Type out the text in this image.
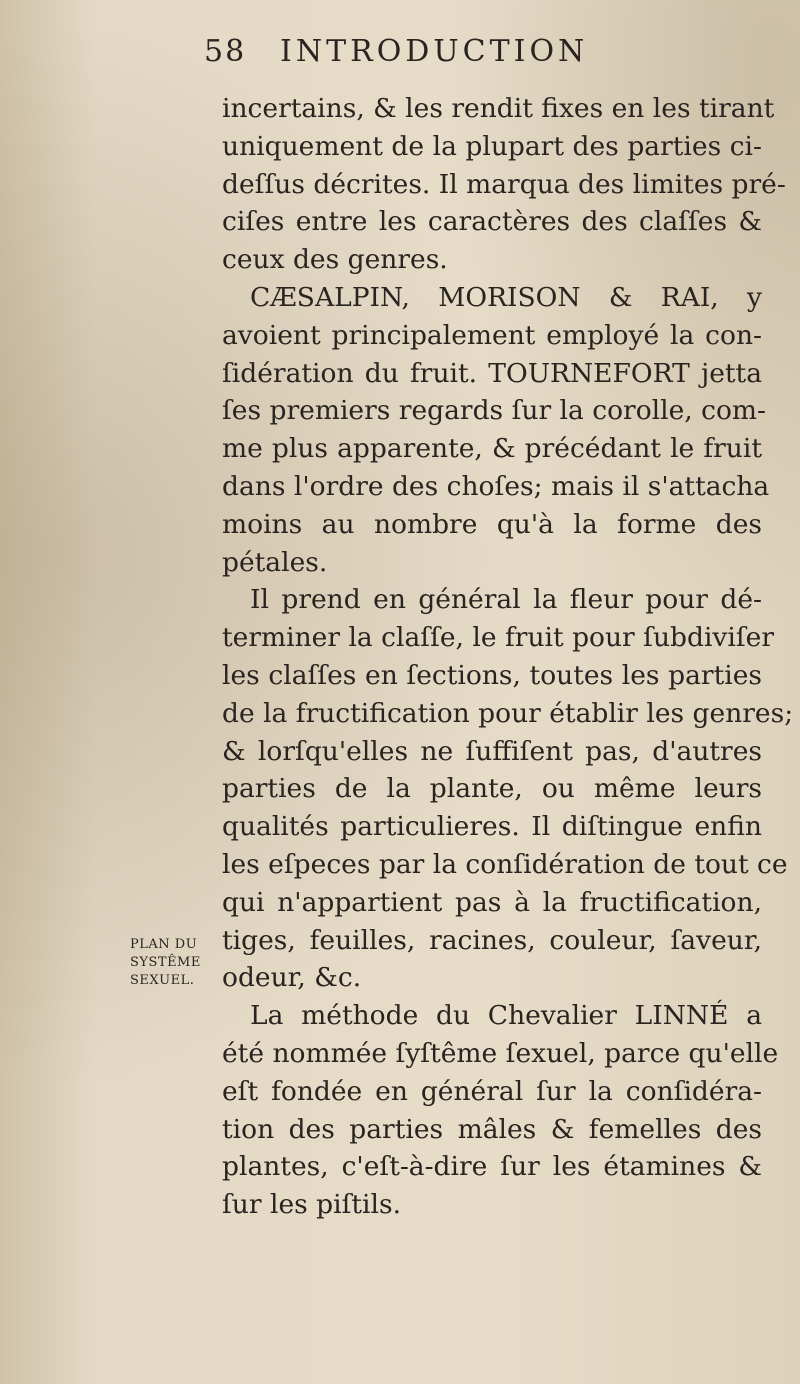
58 INTRODUCTION
incertains, & les rendit fixes en les tirant
uniquement de la plupart des parties ci-
deſſus décrites. Il marqua des limites pré-
ciſes entre les caractères des claſſes &
ceux des genres.
CÆSALPIN, MORISON & RAI, y
avoient principalement employé la con-
ſidération du fruit. TOURNEFORT jetta
ſes premiers regards ſur la corolle, com-
me plus apparente, & précédant le fruit
dans l'ordre des choſes; mais il s'attacha
moins au nombre qu'à la forme des
pétales.
Il prend en général la fleur pour dé-
terminer la claſſe, le fruit pour ſubdiviſer
les claſſes en ſections, toutes les parties
de la fructification pour établir les genres;
& lorſqu'elles ne ſuffiſent pas, d'autres
parties de la plante, ou même leurs
qualités particulieres. Il diſtingue enfin
les eſpeces par la conſidération de tout ce
qui n'appartient pas à la fructification,
tiges, feuilles, racines, couleur, ſaveur,
odeur, &c.
La méthode du Chevalier LINNÉ a
été nommée ſyſtême ſexuel, parce qu'elle
eſt fondée en général ſur la conſidéra-
tion des parties mâles & femelles des
plantes, c'eſt-à-dire ſur les étamines &
ſur les piſtils.
PLAN DU
SYSTÊME
SEXUEL.
